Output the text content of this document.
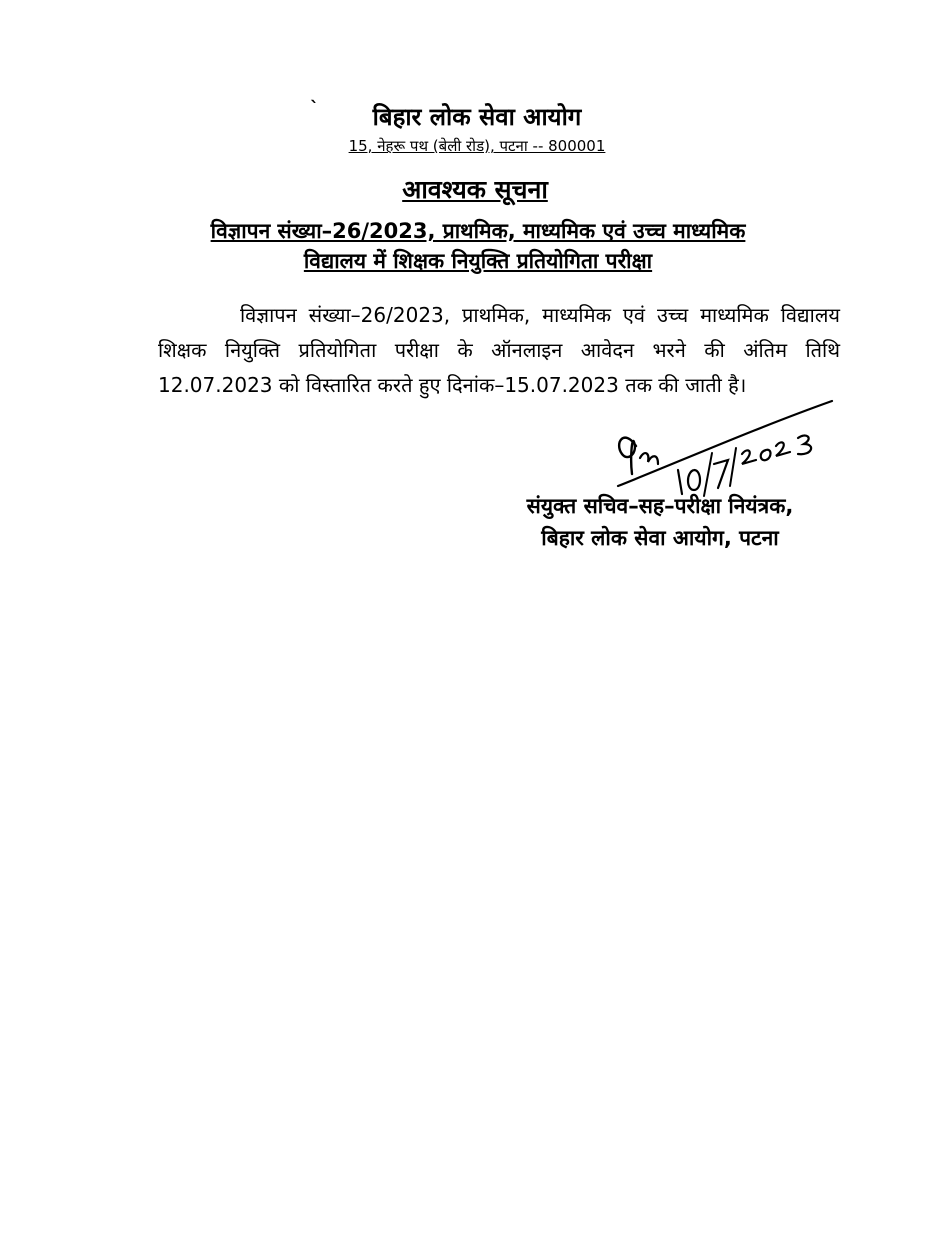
`	बिहार लोक सेवा आयोग
15, नेहरू पथ (बेली रोड), पटना -- 800001
आवश्यक सूचना
विज्ञापन संख्या–26/2023, प्राथमिक, माध्यमिक एवं उच्च माध्यमिक
विद्यालय में शिक्षक नियुक्ति प्रतियोगिता परीक्षा
विज्ञापन संख्या–26/2023, प्राथमिक, माध्यमिक एवं उच्च माध्यमिक विद्यालय शिक्षक नियुक्ति प्रतियोगिता परीक्षा के ऑनलाइन आवेदन भरने की अंतिम तिथि 12.07.2023 को विस्तारित करते हुए दिनांक–15.07.2023 तक की जाती है।
संयुक्त सचिव–सह–परीक्षा नियंत्रक,
बिहार लोक सेवा आयोग, पटना
